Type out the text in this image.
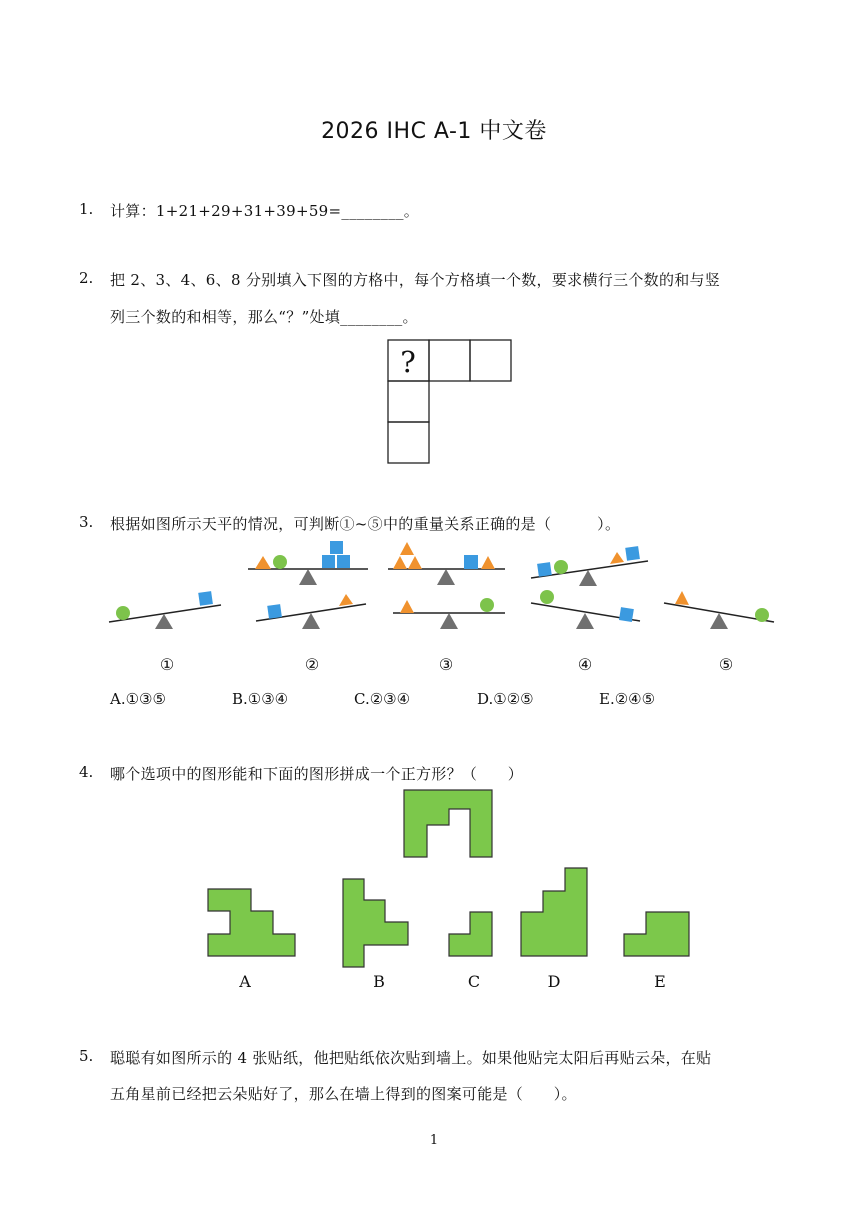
2026 IHC A-1 中文卷
1. 计算：1+21+29+31+39+59=________。
2. 把 2、3、4、6、8 分别填入下图的方格中，每个方格填一个数，要求横行三个数的和与竖
列三个数的和相等，那么“？”处填________。
?
3. 根据如图所示天平的情况，可判断①~⑤中的重量关系正确的是（　　　）。
①	②	③	④	⑤
A.①③⑤	B.①③④	C.②③④	D.①②⑤	E.②④⑤
4. 哪个选项中的图形能和下面的图形拼成一个正方形？（　　）
A	B	C	D	E
5. 聪聪有如图所示的 4 张贴纸，他把贴纸依次贴到墙上。如果他贴完太阳后再贴云朵，在贴
五角星前已经把云朵贴好了，那么在墙上得到的图案可能是（　　）。
1
